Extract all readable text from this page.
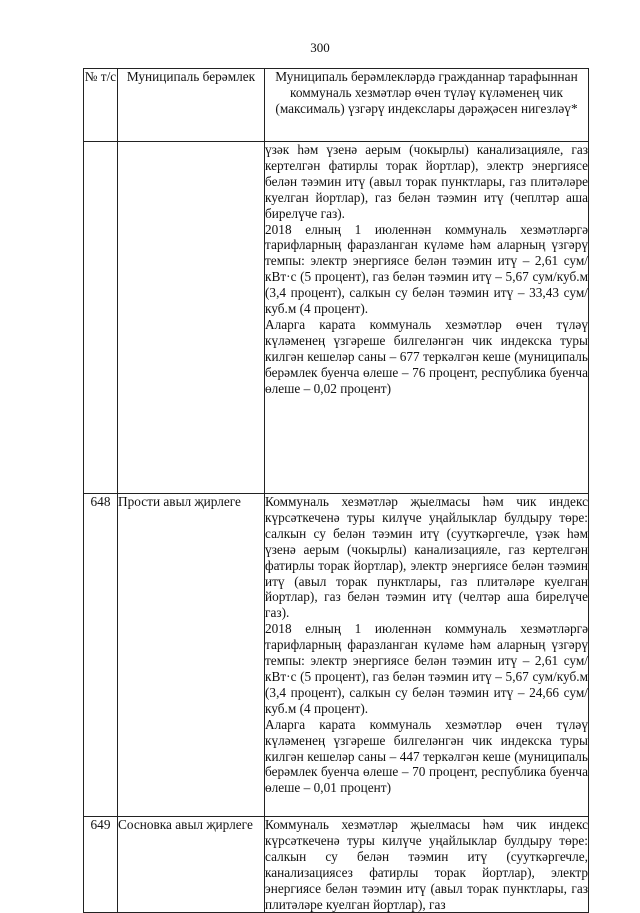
300
№ т/с	Муниципаль берәмлек	Муниципаль берәмлекләрдә гражданнар тарафыннан коммуналь хезмәтләр өчен түләү күләменең чик (максималь) үзгәрү индекслары дәрәҗәсен нигезләү*

		үзәк һәм үзенә аерым (чокырлы) канализацияле, газ кертелгән фатирлы торак йортлар), электр энергиясе белән тәэмин итү (авыл торак пунктлары, газ плитәләре куелган йортлар), газ белән тәэмин итү (чеплтәр аша бирелүче газ).

2018 елның 1 июленнән коммуналь хезмәтләргә тарифларның фаразланган күләме һәм аларның үзгәрү темпы: электр энергиясе белән тәэмин итү – 2,61 сум/кВт·с (5 процент), газ белән тәэмин итү – 5,67 сум/куб.м (3,4 процент), салкын су белән тәэмин итү – 33,43 сум/куб.м (4 процент).

Аларга карата коммуналь хезмәтләр өчен түләү күләменең үзгәреше билгеләнгән чик индекска туры килгән кешеләр саны – 677 теркәлгән кеше (муниципаль берәмлек буенча өлеше – 76 процент, республика буенча өлеше – 0,02 процент)

648	Прости авыл җирлеге	Коммуналь хезмәтләр җыелмасы һәм чик индекс күрсәткеченә туры килүче уңайлыклар булдыру төре: салкын су белән тәэмин итү (сууткәргечле, үзәк һәм үзенә аерым (чокырлы) канализацияле, газ кертелгән фатирлы торак йортлар), электр энергиясе белән тәэмин итү (авыл торак пунктлары, газ плитәләре куелган йортлар), газ белән тәэмин итү (челтәр аша бирелүче газ).

2018 елның 1 июленнән коммуналь хезмәтләргә тарифларның фаразланган күләме һәм аларның үзгәрү темпы: электр энергиясе белән тәэмин итү – 2,61 сум/кВт·с (5 процент), газ белән тәэмин итү – 5,67 сум/куб.м (3,4 процент), салкын су белән тәэмин итү – 24,66 сум/куб.м (4 процент).

Аларга карата коммуналь хезмәтләр өчен түләү күләменең үзгәреше билгеләнгән чик индекска туры килгән кешеләр саны – 447 теркәлгән кеше (муниципаль берәмлек буенча өлеше – 70 процент, республика буенча өлеше – 0,01 процент)

649	Сосновка авыл җирлеге	Коммуналь хезмәтләр җыелмасы һәм чик индекс күрсәткеченә туры килүче уңайлыклар булдыру төре: салкын су белән тәэмин итү (сууткәргечле, канализациясез фатирлы торак йортлар), электр энергиясе белән тәэмин итү (авыл торак пунктлары, газ плитәләре куелган йортлар), газ
